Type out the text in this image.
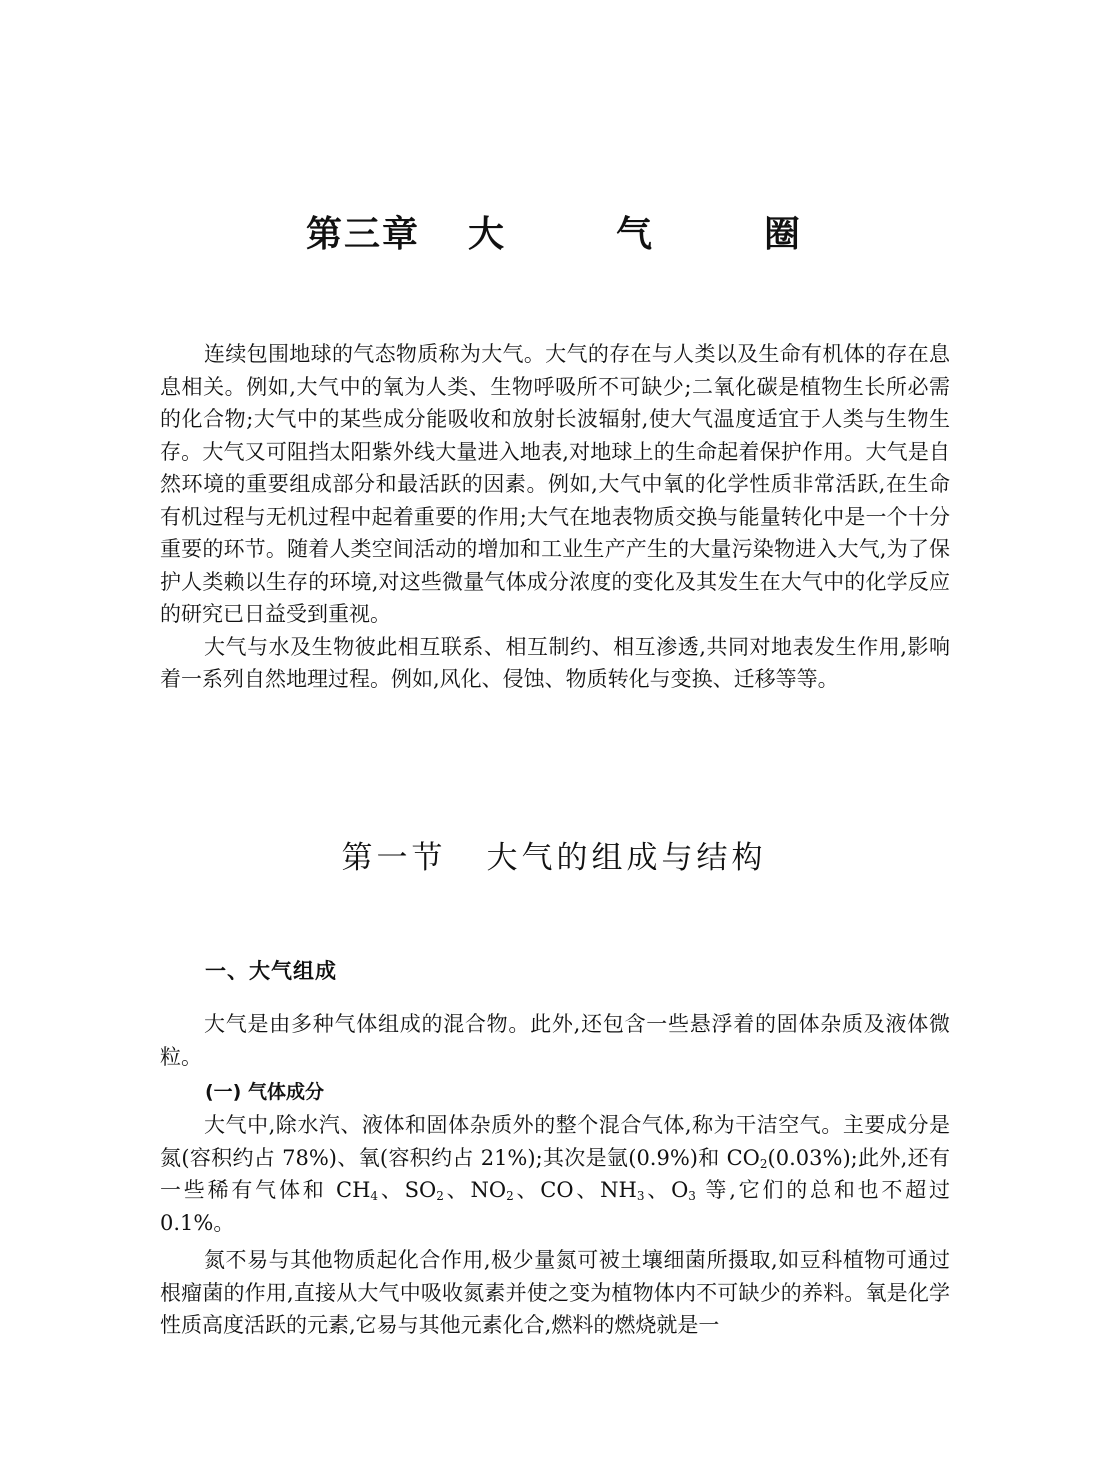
第三章 大	气	圈

连续包围地球的气态物质称为大气。大气的存在与人类以及生命有机体的存在息息相关。例如,大气中的氧为人类、生物呼吸所不可缺少;二氧化碳是植物生长所必需的化合物;大气中的某些成分能吸收和放射长波辐射,使大气温度适宜于人类与生物生存。大气又可阻挡太阳紫外线大量进入地表,对地球上的生命起着保护作用。大气是自然环境的重要组成部分和最活跃的因素。例如,大气中氧的化学性质非常活跃,在生命有机过程与无机过程中起着重要的作用;大气在地表物质交换与能量转化中是一个十分重要的环节。随着人类空间活动的增加和工业生产产生的大量污染物进入大气,为了保护人类赖以生存的环境,对这些微量气体成分浓度的变化及其发生在大气中的化学反应的研究已日益受到重视。

大气与水及生物彼此相互联系、相互制约、相互渗透,共同对地表发生作用,影响着一系列自然地理过程。例如,风化、侵蚀、物质转化与变换、迁移等等。

第一节 大气的组成与结构
一、大气组成

大气是由多种气体组成的混合物。此外,还包含一些悬浮着的固体杂质及液体微粒。

(一) 气体成分

大气中,除水汽、液体和固体杂质外的整个混合气体,称为干洁空气。主要成分是氮(容积约占 78%)、氧(容积约占 21%);其次是氩(0.9%)和 $CO_2(0.03\%)$;此外,还有一些稀有气体和 $CH_4$、$SO_2$、$NO_2$、CO、$NH_3$、$O_3$ 等,它们的总和也不超过 0.1%。

氮不易与其他物质起化合作用,极少量氮可被土壤细菌所摄取,如豆科植物可通过根瘤菌的作用,直接从大气中吸收氮素并使之变为植物体内不可缺少的养料。氧是化学性质高度活跃的元素,它易与其他元素化合,燃料的燃烧就是一
